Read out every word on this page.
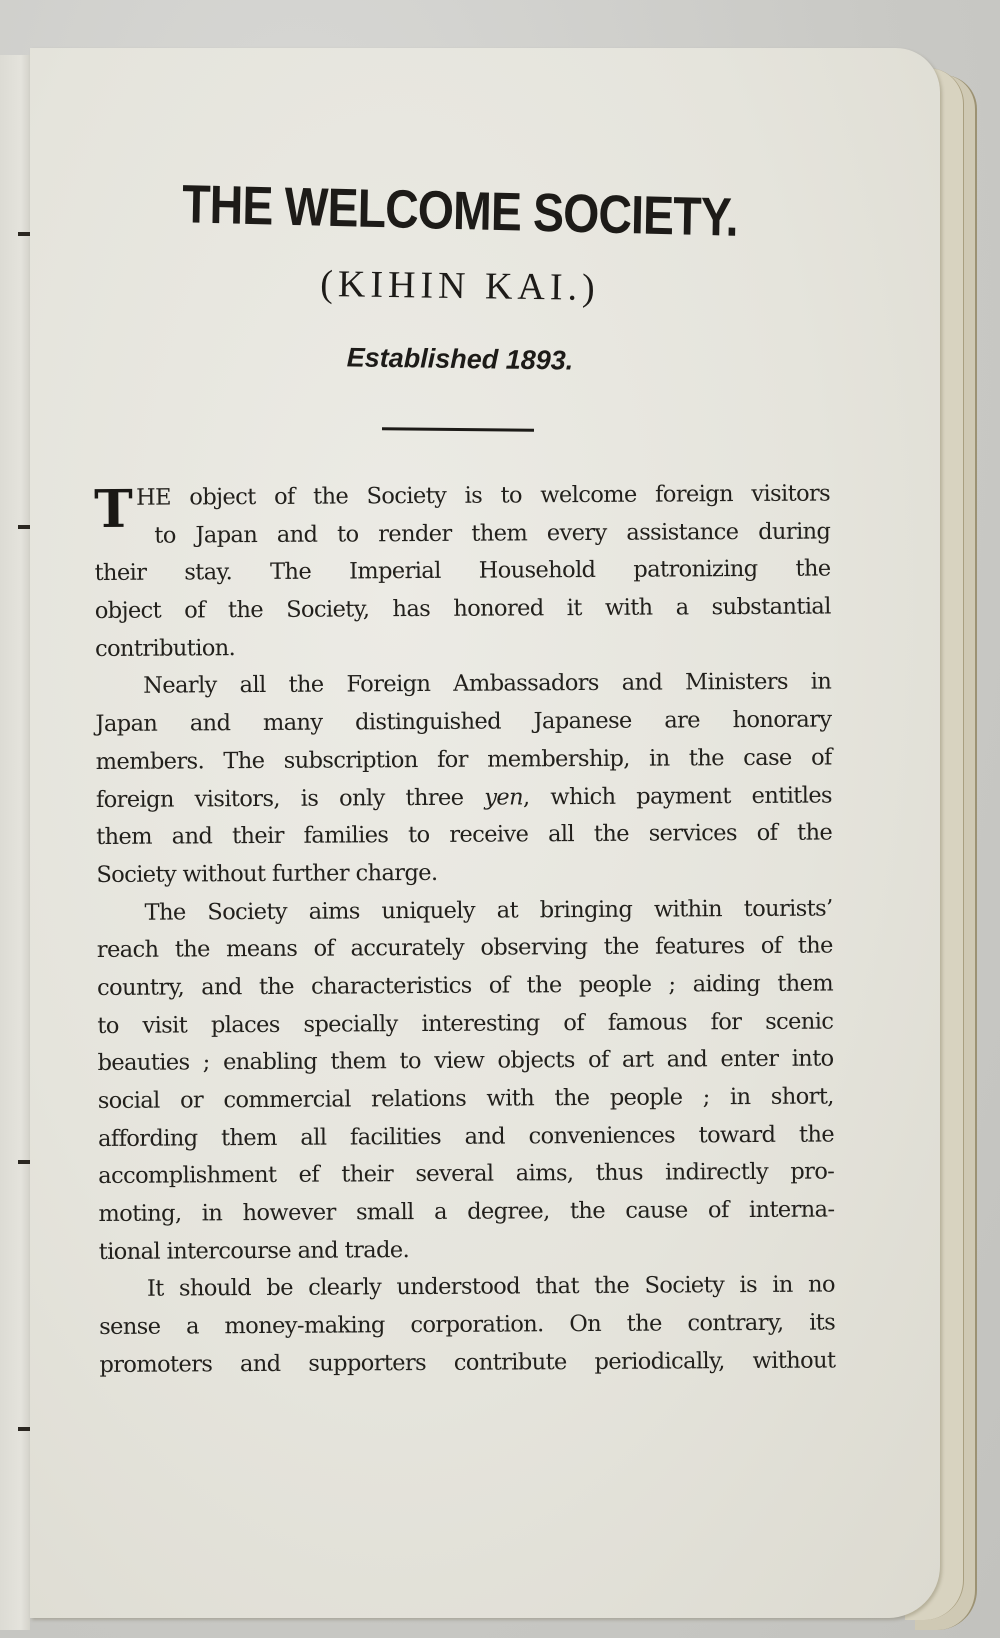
THE WELCOME SOCIETY.
(KIHIN KAI.)
Established 1893.
T HE object of the Society is to welcome foreign visitors
to Japan and to render them every assistance during
their stay. The Imperial Household patronizing the
object of the Society, has honored it with a substantial
contribution.
Nearly all the Foreign Ambassadors and Ministers in
Japan and many distinguished Japanese are honorary
members. The subscription for membership, in the case of
foreign visitors, is only three yen, which payment entitles
them and their families to receive all the services of the
Society without further charge.
The Society aims uniquely at bringing within tourists’
reach the means of accurately observing the features of the
country, and the characteristics of the people ; aiding them
to visit places specially interesting of famous for scenic
beauties ; enabling them to view objects of art and enter into
social or commercial relations with the people ; in short,
affording them all facilities and conveniences toward the
accomplishment ef their several aims, thus indirectly pro-
moting, in however small a degree, the cause of interna-
tional intercourse and trade.
It should be clearly understood that the Society is in no
sense a money-making corporation. On the contrary, its
promoters and supporters contribute periodically, without
